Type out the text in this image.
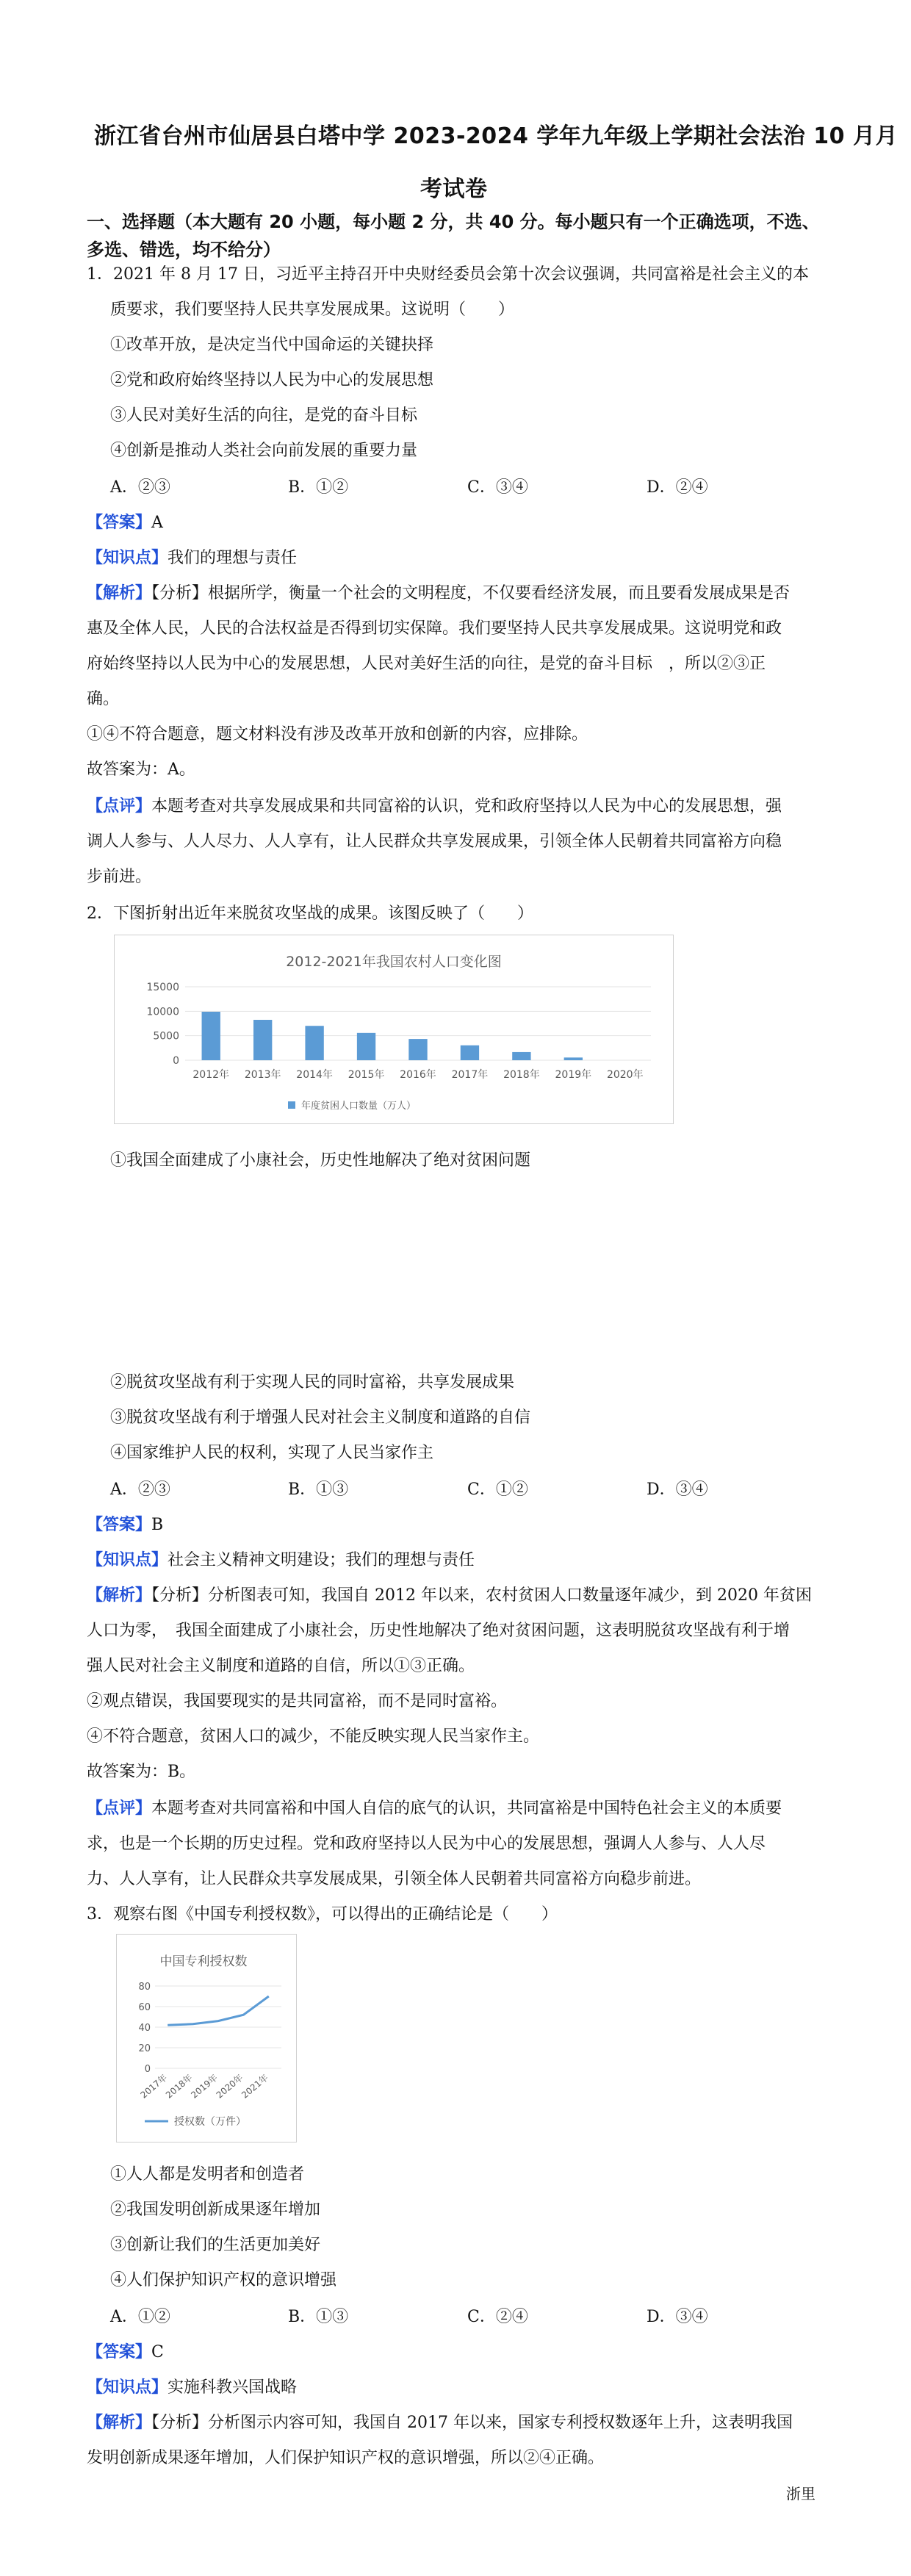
浙江省台州市仙居县白塔中学 2023-2024 学年九年级上学期社会法治 10 月月
考试卷
一、选择题（本大题有 20 小题，每小题 2 分，共 40 分。每小题只有一个正确选项，不选、
多选、错选，均不给分）
1．2021 年 8 月 17 日，习近平主持召开中央财经委员会第十次会议强调，共同富裕是社会主义的本
质要求，我们要坚持人民共享发展成果。这说明（　　）
①改革开放，是决定当代中国命运的关键抉择
②党和政府始终坚持以人民为中心的发展思想
③人民对美好生活的向往，是党的奋斗目标
④创新是推动人类社会向前发展的重要力量
A．②③	B．①②	C．③④	D．②④
【答案】A
【知识点】我们的理想与责任
【解析】【分析】根据所学，衡量一个社会的文明程度，不仅要看经济发展，而且要看发展成果是否
惠及全体人民，人民的合法权益是否得到切实保障。我们要坚持人民共享发展成果。这说明党和政
府始终坚持以人民为中心的发展思想，人民对美好生活的向往，是党的奋斗目标　，所以②③正
确。
①④不符合题意，题文材料没有涉及改革开放和创新的内容，应排除。
故答案为：A。
【点评】本题考查对共享发展成果和共同富裕的认识，党和政府坚持以人民为中心的发展思想，强
调人人参与、人人尽力、人人享有，让人民群众共享发展成果，引领全体人民朝着共同富裕方向稳
步前进。
2．下图折射出近年来脱贫攻坚战的成果。该图反映了（　　）
2012-2021年我国农村人口变化图
15000
10000
5000
0
2012年 2013年 2014年 2015年 2016年 2017年 2018年 2019年 2020年
年度贫困人口数量（万人）
①我国全面建成了小康社会，历史性地解决了绝对贫困问题
②脱贫攻坚战有利于实现人民的同时富裕，共享发展成果
③脱贫攻坚战有利于增强人民对社会主义制度和道路的自信
④国家维护人民的权利，实现了人民当家作主
A．②③	B．①③	C．①②	D．③④
【答案】B
【知识点】社会主义精神文明建设；我们的理想与责任
【解析】【分析】分析图表可知，我国自 2012 年以来，农村贫困人口数量逐年减少，到 2020 年贫困
人口为零，　我国全面建成了小康社会，历史性地解决了绝对贫困问题，这表明脱贫攻坚战有利于增
强人民对社会主义制度和道路的自信，所以①③正确。
②观点错误，我国要现实的是共同富裕，而不是同时富裕。
④不符合题意，贫困人口的减少，不能反映实现人民当家作主。
故答案为：B。
【点评】本题考查对共同富裕和中国人自信的底气的认识，共同富裕是中国特色社会主义的本质要
求，也是一个长期的历史过程。党和政府坚持以人民为中心的发展思想，强调人人参与、人人尽
力、人人享有，让人民群众共享发展成果，引领全体人民朝着共同富裕方向稳步前进。
3．观察右图《中国专利授权数》，可以得出的正确结论是（　　）
中国专利授权数
80
60
40
20
0
2017年
2018年
2019年
2020年
2021年
授权数（万件）
①人人都是发明者和创造者
②我国发明创新成果逐年增加
③创新让我们的生活更加美好
④人们保护知识产权的意识增强
A．①②	B．①③	C．②④	D．③④
【答案】C
【知识点】实施科教兴国战略
【解析】【分析】分析图示内容可知，我国自 2017 年以来，国家专利授权数逐年上升，这表明我国
发明创新成果逐年增加，人们保护知识产权的意识增强，所以②④正确。
浙里
